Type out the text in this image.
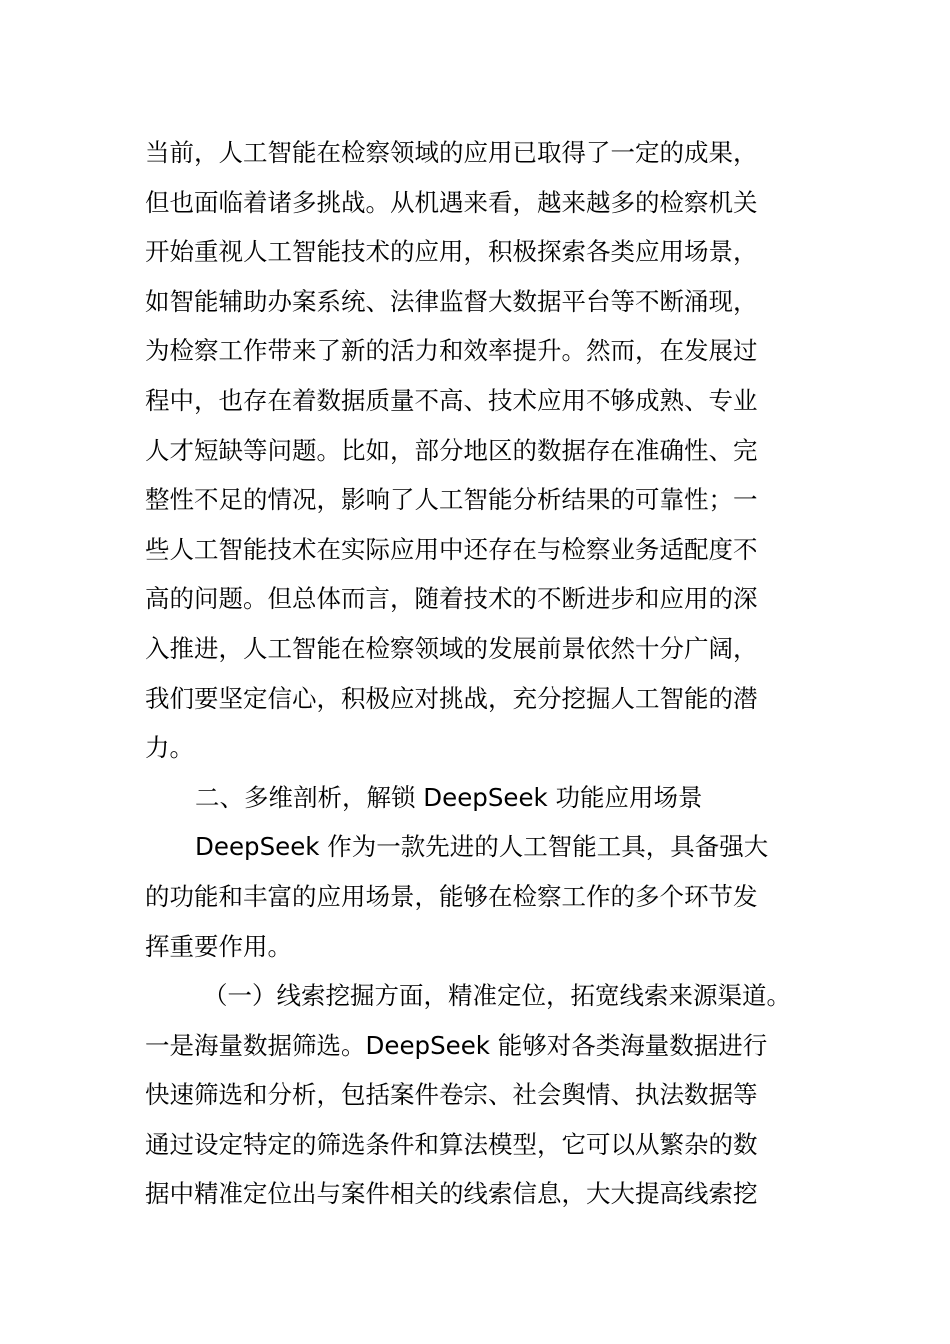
当前，人工智能在检察领域的应用已取得了一定的成果，
但也面临着诸多挑战。从机遇来看，越来越多的检察机关
开始重视人工智能技术的应用，积极探索各类应用场景，
如智能辅助办案系统、法律监督大数据平台等不断涌现，
为检察工作带来了新的活力和效率提升。然而，在发展过
程中，也存在着数据质量不高、技术应用不够成熟、专业
人才短缺等问题。比如，部分地区的数据存在准确性、完
整性不足的情况，影响了人工智能分析结果的可靠性；一
些人工智能技术在实际应用中还存在与检察业务适配度不
高的问题。但总体而言，随着技术的不断进步和应用的深
入推进，人工智能在检察领域的发展前景依然十分广阔，
我们要坚定信心，积极应对挑战，充分挖掘人工智能的潜
力。
二、多维剖析，解锁 DeepSeek 功能应用场景
DeepSeek 作为一款先进的人工智能工具，具备强大
的功能和丰富的应用场景，能够在检察工作的多个环节发
挥重要作用。
（一）线索挖掘方面，精准定位，拓宽线索来源渠道。
一是海量数据筛选。DeepSeek 能够对各类海量数据进行
快速筛选和分析，包括案件卷宗、社会舆情、执法数据等
通过设定特定的筛选条件和算法模型，它可以从繁杂的数
据中精准定位出与案件相关的线索信息，大大提高线索挖
